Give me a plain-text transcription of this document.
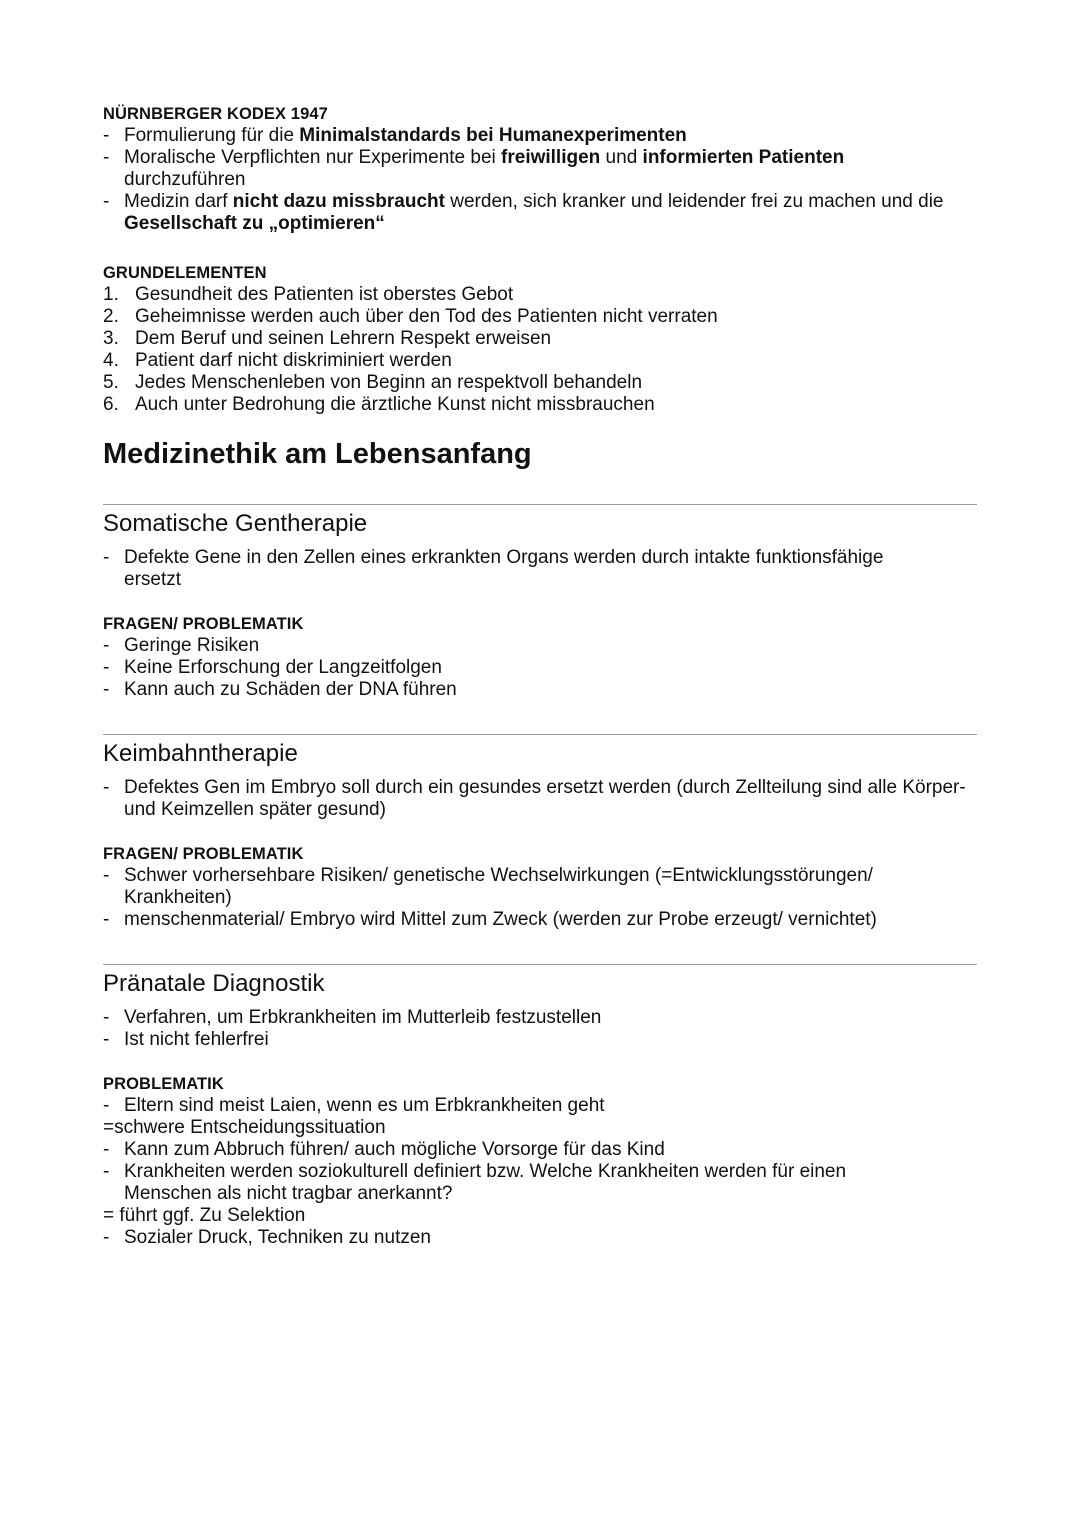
NÜRNBERGER KODEX 1947
- Formulierung für die Minimalstandards bei Humanexperimenten
- Moralische Verpflichten nur Experimente bei freiwilligen und informierten Patienten durchzuführen
- Medizin darf nicht dazu missbraucht werden, sich kranker und leidender frei zu machen und die Gesellschaft zu „optimieren“
GRUNDELEMENTEN
1. Gesundheit des Patienten ist oberstes Gebot
2. Geheimnisse werden auch über den Tod des Patienten nicht verraten
3. Dem Beruf und seinen Lehrern Respekt erweisen
4. Patient darf nicht diskriminiert werden
5. Jedes Menschenleben von Beginn an respektvoll behandeln
6. Auch unter Bedrohung die ärztliche Kunst nicht missbrauchen
Medizinethik am Lebensanfang
Somatische Gentherapie
- Defekte Gene in den Zellen eines erkrankten Organs werden durch intakte funktionsfähige ersetzt
FRAGEN/ PROBLEMATIK
- Geringe Risiken
- Keine Erforschung der Langzeitfolgen
- Kann auch zu Schäden der DNA führen
Keimbahntherapie
- Defektes Gen im Embryo soll durch ein gesundes ersetzt werden (durch Zellteilung sind alle Körper- und Keimzellen später gesund)
FRAGEN/ PROBLEMATIK
- Schwer vorhersehbare Risiken/ genetische Wechselwirkungen (=Entwicklungsstörungen/ Krankheiten)
- menschenmaterial/ Embryo wird Mittel zum Zweck (werden zur Probe erzeugt/ vernichtet)
Pränatale Diagnostik
- Verfahren, um Erbkrankheiten im Mutterleib festzustellen
- Ist nicht fehlerfrei
PROBLEMATIK
- Eltern sind meist Laien, wenn es um Erbkrankheiten geht
=schwere Entscheidungssituation
- Kann zum Abbruch führen/ auch mögliche Vorsorge für das Kind
- Krankheiten werden soziokulturell definiert bzw. Welche Krankheiten werden für einen Menschen als nicht tragbar anerkannt?
= führt ggf. Zu Selektion
- Sozialer Druck, Techniken zu nutzen
